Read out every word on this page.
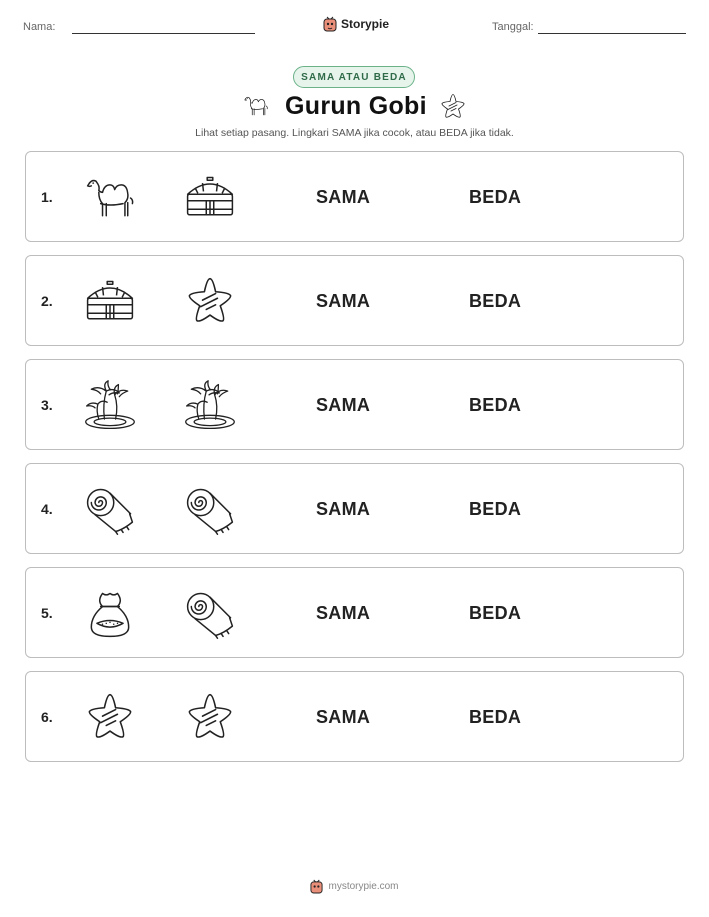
Nama:	Storypie	Tanggal:
SAMA ATAU BEDA
Gurun Gobi
Lihat setiap pasang. Lingkari SAMA jika cocok, atau BEDA jika tidak.
1.	SAMA	BEDA
2.	SAMA	BEDA
3.	SAMA	BEDA
4.	SAMA	BEDA
5.	SAMA	BEDA
6.	SAMA	BEDA
mystorypie.com
